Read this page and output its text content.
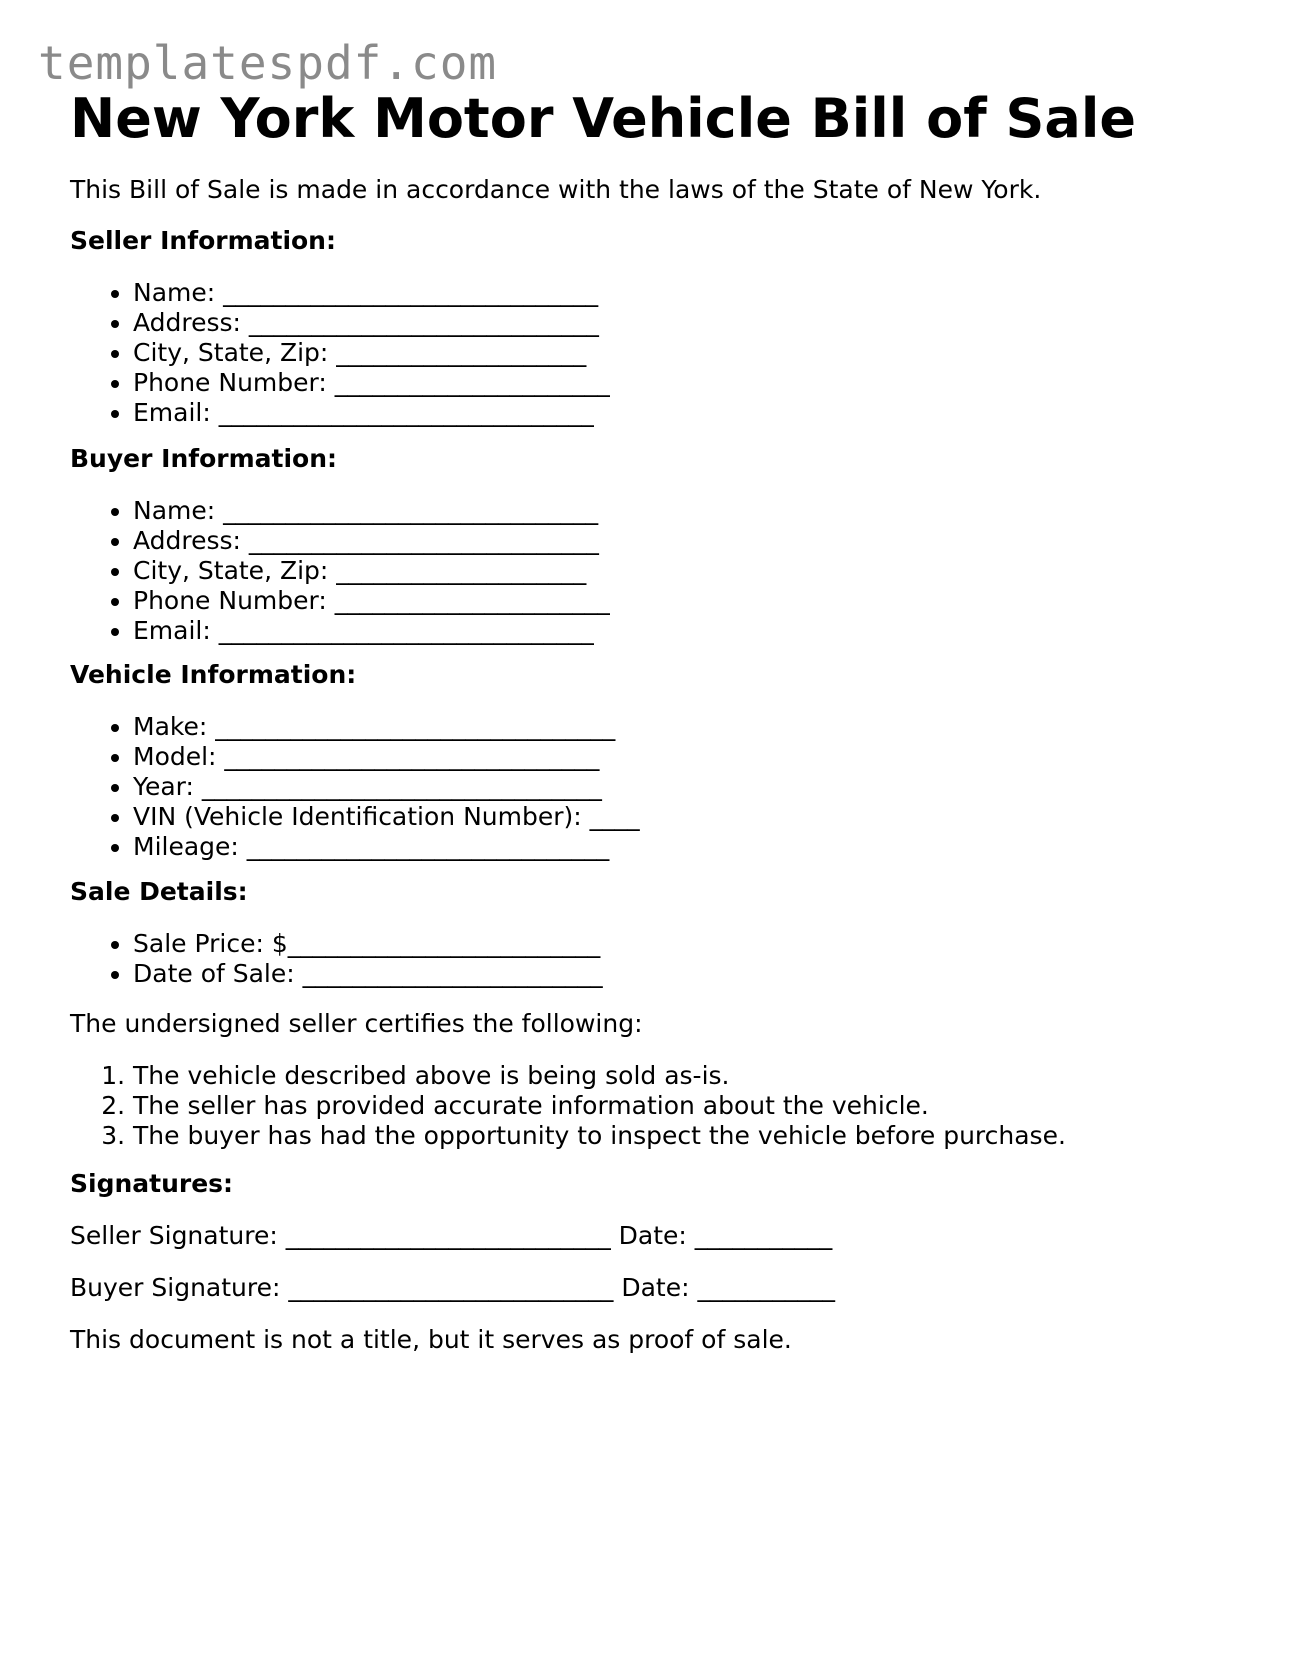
templatespdf.com
New York Motor Vehicle Bill of Sale

This Bill of Sale is made in accordance with the laws of the State of New York.

Seller Information:

• Name: ______________________________
• Address: ____________________________
• City, State, Zip: ____________________
• Phone Number: ______________________
• Email: ______________________________

Buyer Information:

• Name: ______________________________
• Address: ____________________________
• City, State, Zip: ____________________
• Phone Number: ______________________
• Email: ______________________________

Vehicle Information:

• Make: ________________________________
• Model: ______________________________
• Year: ________________________________
• VIN (Vehicle Identification Number): ____
• Mileage: _____________________________

Sale Details:

• Sale Price: $_________________________
• Date of Sale: ________________________

The undersigned seller certifies the following:

1. The vehicle described above is being sold as-is.
2. The seller has provided accurate information about the vehicle.
3. The buyer has had the opportunity to inspect the vehicle before purchase.

Signatures:

Seller Signature: __________________________ Date: ___________

Buyer Signature: __________________________ Date: ___________

This document is not a title, but it serves as proof of sale.
